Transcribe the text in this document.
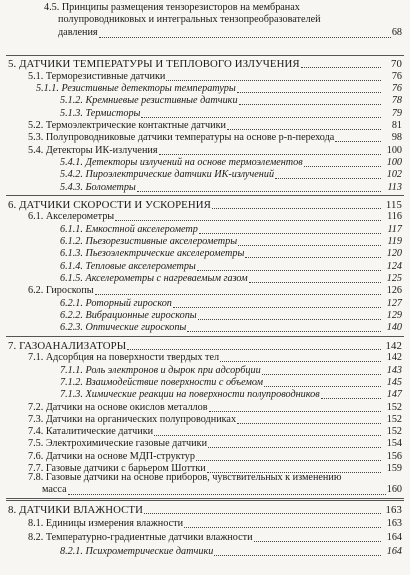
4.5. Принципы размещения тензорезисторов на мембранах
полупроводниковых и интегральных тензопреобразователей
давления	68
5. ДАТЧИКИ ТЕМПЕРАТУРЫ И ТЕПЛОВОГО ИЗЛУЧЕНИЯ	70
5.1. Терморезистивные датчики	76
5.1.1. Резистивные детекторы температуры	76
5.1.2. Кремниевые резистивные датчики	78
5.1.3. Термисторы	79
5.2. Термоэлектрические контактные датчики	81
5.3. Полупроводниковые датчики температуры на основе p-n-перехода	98
5.4. Детекторы ИК-излучения	100
5.4.1. Детекторы излучений на основе термоэлементов	100
5.4.2. Пироэлектрические датчики ИК-излучений	102
5.4.3. Болометры	113
6. ДАТЧИКИ СКОРОСТИ И УСКОРЕНИЯ	115
6.1. Акселерометры	116
6.1.1. Емкостной акселерометр	117
6.1.2. Пьезорезистивные акселерометры	119
6.1.3. Пьезоэлектрические акселерометры	120
6.1.4. Тепловые акселерометры	124
6.1.5. Акселерометры с нагреваемым газом	125
6.2. Гироскопы	126
6.2.1. Роторный гироскоп	127
6.2.2. Вибрационные гироскопы	129
6.2.3. Оптические гироскопы	140
7. ГАЗОАНАЛИЗАТОРЫ	142
7.1. Адсорбция на поверхности твердых тел	142
7.1.1. Роль электронов и дырок при адсорбции	143
7.1.2. Взаимодействие поверхности с объемом	145
7.1.3. Химические реакции на поверхности полупроводников	147
7.2. Датчики на основе окислов металлов	152
7.3. Датчики на органических полупроводниках	152
7.4. Каталитические датчики	152
7.5. Электрохимические газовые датчики	154
7.6. Датчики на основе МДП-структур	156
7.7. Газовые датчики с барьером Шоттки	159
7.8. Газовые датчики на основе приборов, чувствительных к изменению
масса	160
8. ДАТЧИКИ ВЛАЖНОСТИ	163
8.1. Единицы измерения влажности	163
8.2. Температурно-градиентные датчики влажности	164
8.2.1. Психрометрические датчики	164
